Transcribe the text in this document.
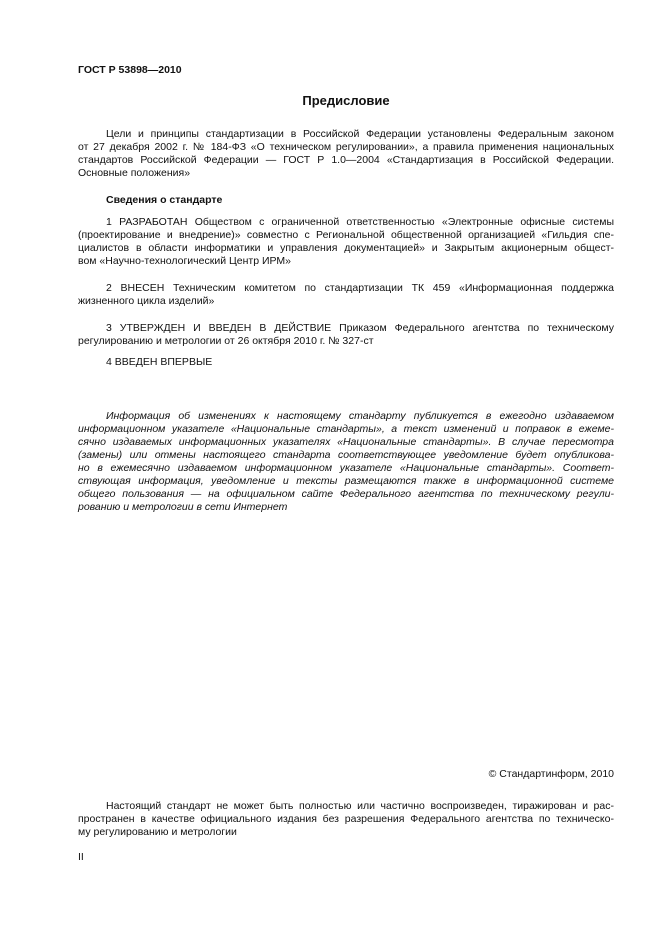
ГОСТ Р 53898—2010
Предисловие
Цели и принципы стандартизации в Российской Федерации установлены Федеральным законом
от 27 декабря 2002 г. № 184-ФЗ «О техническом регулировании», а правила применения национальных
стандартов Российской Федерации — ГОСТ Р 1.0—2004 «Стандартизация в Российской Федерации.
Основные положения»
Сведения о стандарте
1 РАЗРАБОТАН Обществом с ограниченной ответственностью «Электронные офисные системы
(проектирование и внедрение)» совместно с Региональной общественной организацией «Гильдия спе-
циалистов в области информатики и управления документацией» и Закрытым акционерным общест-
вом «Научно-технологический Центр ИРМ»
2 ВНЕСЕН Техническим комитетом по стандартизации ТК 459 «Информационная поддержка
жизненного цикла изделий»
3 УТВЕРЖДЕН И ВВЕДЕН В ДЕЙСТВИЕ Приказом Федерального агентства по техническому
регулированию и метрологии от 26 октября 2010 г. № 327-ст
4 ВВЕДЕН ВПЕРВЫЕ
Информация об изменениях к настоящему стандарту публикуется в ежегодно издаваемом
информационном указателе «Национальные стандарты», а текст изменений и поправок в ежеме-
сячно издаваемых информационных указателях «Национальные стандарты». В случае пересмотра
(замены) или отмены настоящего стандарта соответствующее уведомление будет опубликова-
но в ежемесячно издаваемом информационном указателе «Национальные стандарты». Соответ-
ствующая информация, уведомление и тексты размещаются также в информационной системе
общего пользования — на официальном сайте Федерального агентства по техническому регули-
рованию и метрологии в сети Интернет
© Стандартинформ, 2010
Настоящий стандарт не может быть полностью или частично воспроизведен, тиражирован и рас-
пространен в качестве официального издания без разрешения Федерального агентства по техническо-
му регулированию и метрологии
II
